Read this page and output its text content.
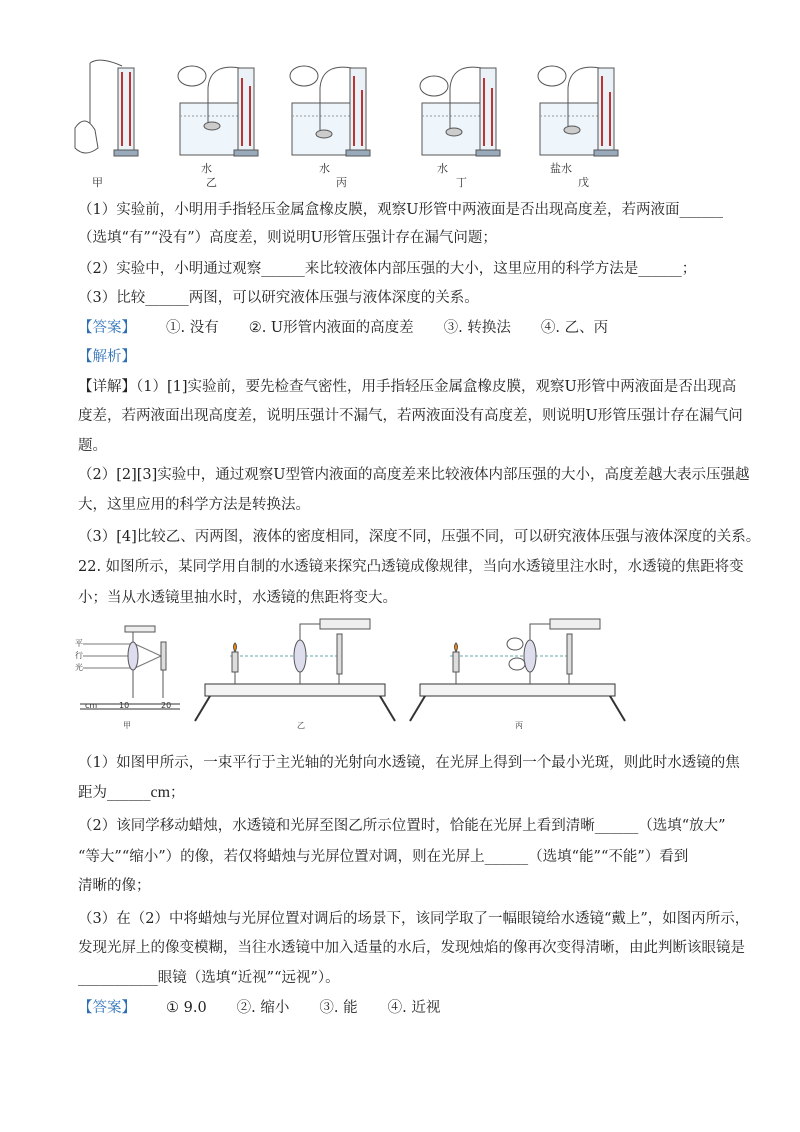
水	水	水	盐水
甲	乙	丙	丁	戊
（1）实验前，小明用手指轻压金属盒橡皮膜，观察U形管中两液面是否出现高度差，若两液面______
（选填“有”“没有”）高度差，则说明U形管压强计存在漏气问题；
（2）实验中，小明通过观察______来比较液体内部压强的大小，这里应用的科学方法是______；
（3）比较______两图，可以研究液体压强与液体深度的关系。
【答案】 ①. 没有 ②. U形管内液面的高度差 ③. 转换法 ④. 乙、丙
【解析】
【详解】（1）[1]实验前，要先检查气密性，用手指轻压金属盒橡皮膜，观察U形管中两液面是否出现高
度差，若两液面出现高度差，说明压强计不漏气，若两液面没有高度差，则说明U形管压强计存在漏气问
题。
（2）[2][3]实验中，通过观察U型管内液面的高度差来比较液体内部压强的大小，高度差越大表示压强越
大，这里应用的科学方法是转换法。
（3）[4]比较乙、丙两图，液体的密度相同，深度不同，压强不同，可以研究液体压强与液体深度的关系。
22. 如图所示，某同学用自制的水透镜来探究凸透镜成像规律，当向水透镜里注水时，水透镜的焦距将变
小；当从水透镜里抽水时，水透镜的焦距将变大。
平
行
光
cm	10	20
甲	乙	丙
（1）如图甲所示，一束平行于主光轴的光射向水透镜，在光屏上得到一个最小光斑，则此时水透镜的焦
距为______cm；
（2）该同学移动蜡烛，水透镜和光屏至图乙所示位置时，恰能在光屏上看到清晰______（选填“放大”
“等大”“缩小”）的像，若仅将蜡烛与光屏位置对调，则在光屏上______（选填“能”“不能”）看到
清晰的像；
（3）在（2）中将蜡烛与光屏位置对调后的场景下，该同学取了一幅眼镜给水透镜“戴上”，如图丙所示，
发现光屏上的像变模糊，当往水透镜中加入适量的水后，发现烛焰的像再次变得清晰，由此判断该眼镜是
___________眼镜（选填“近视”“远视”）。
【答案】 ① 9.0 ②. 缩小 ③. 能 ④. 近视
